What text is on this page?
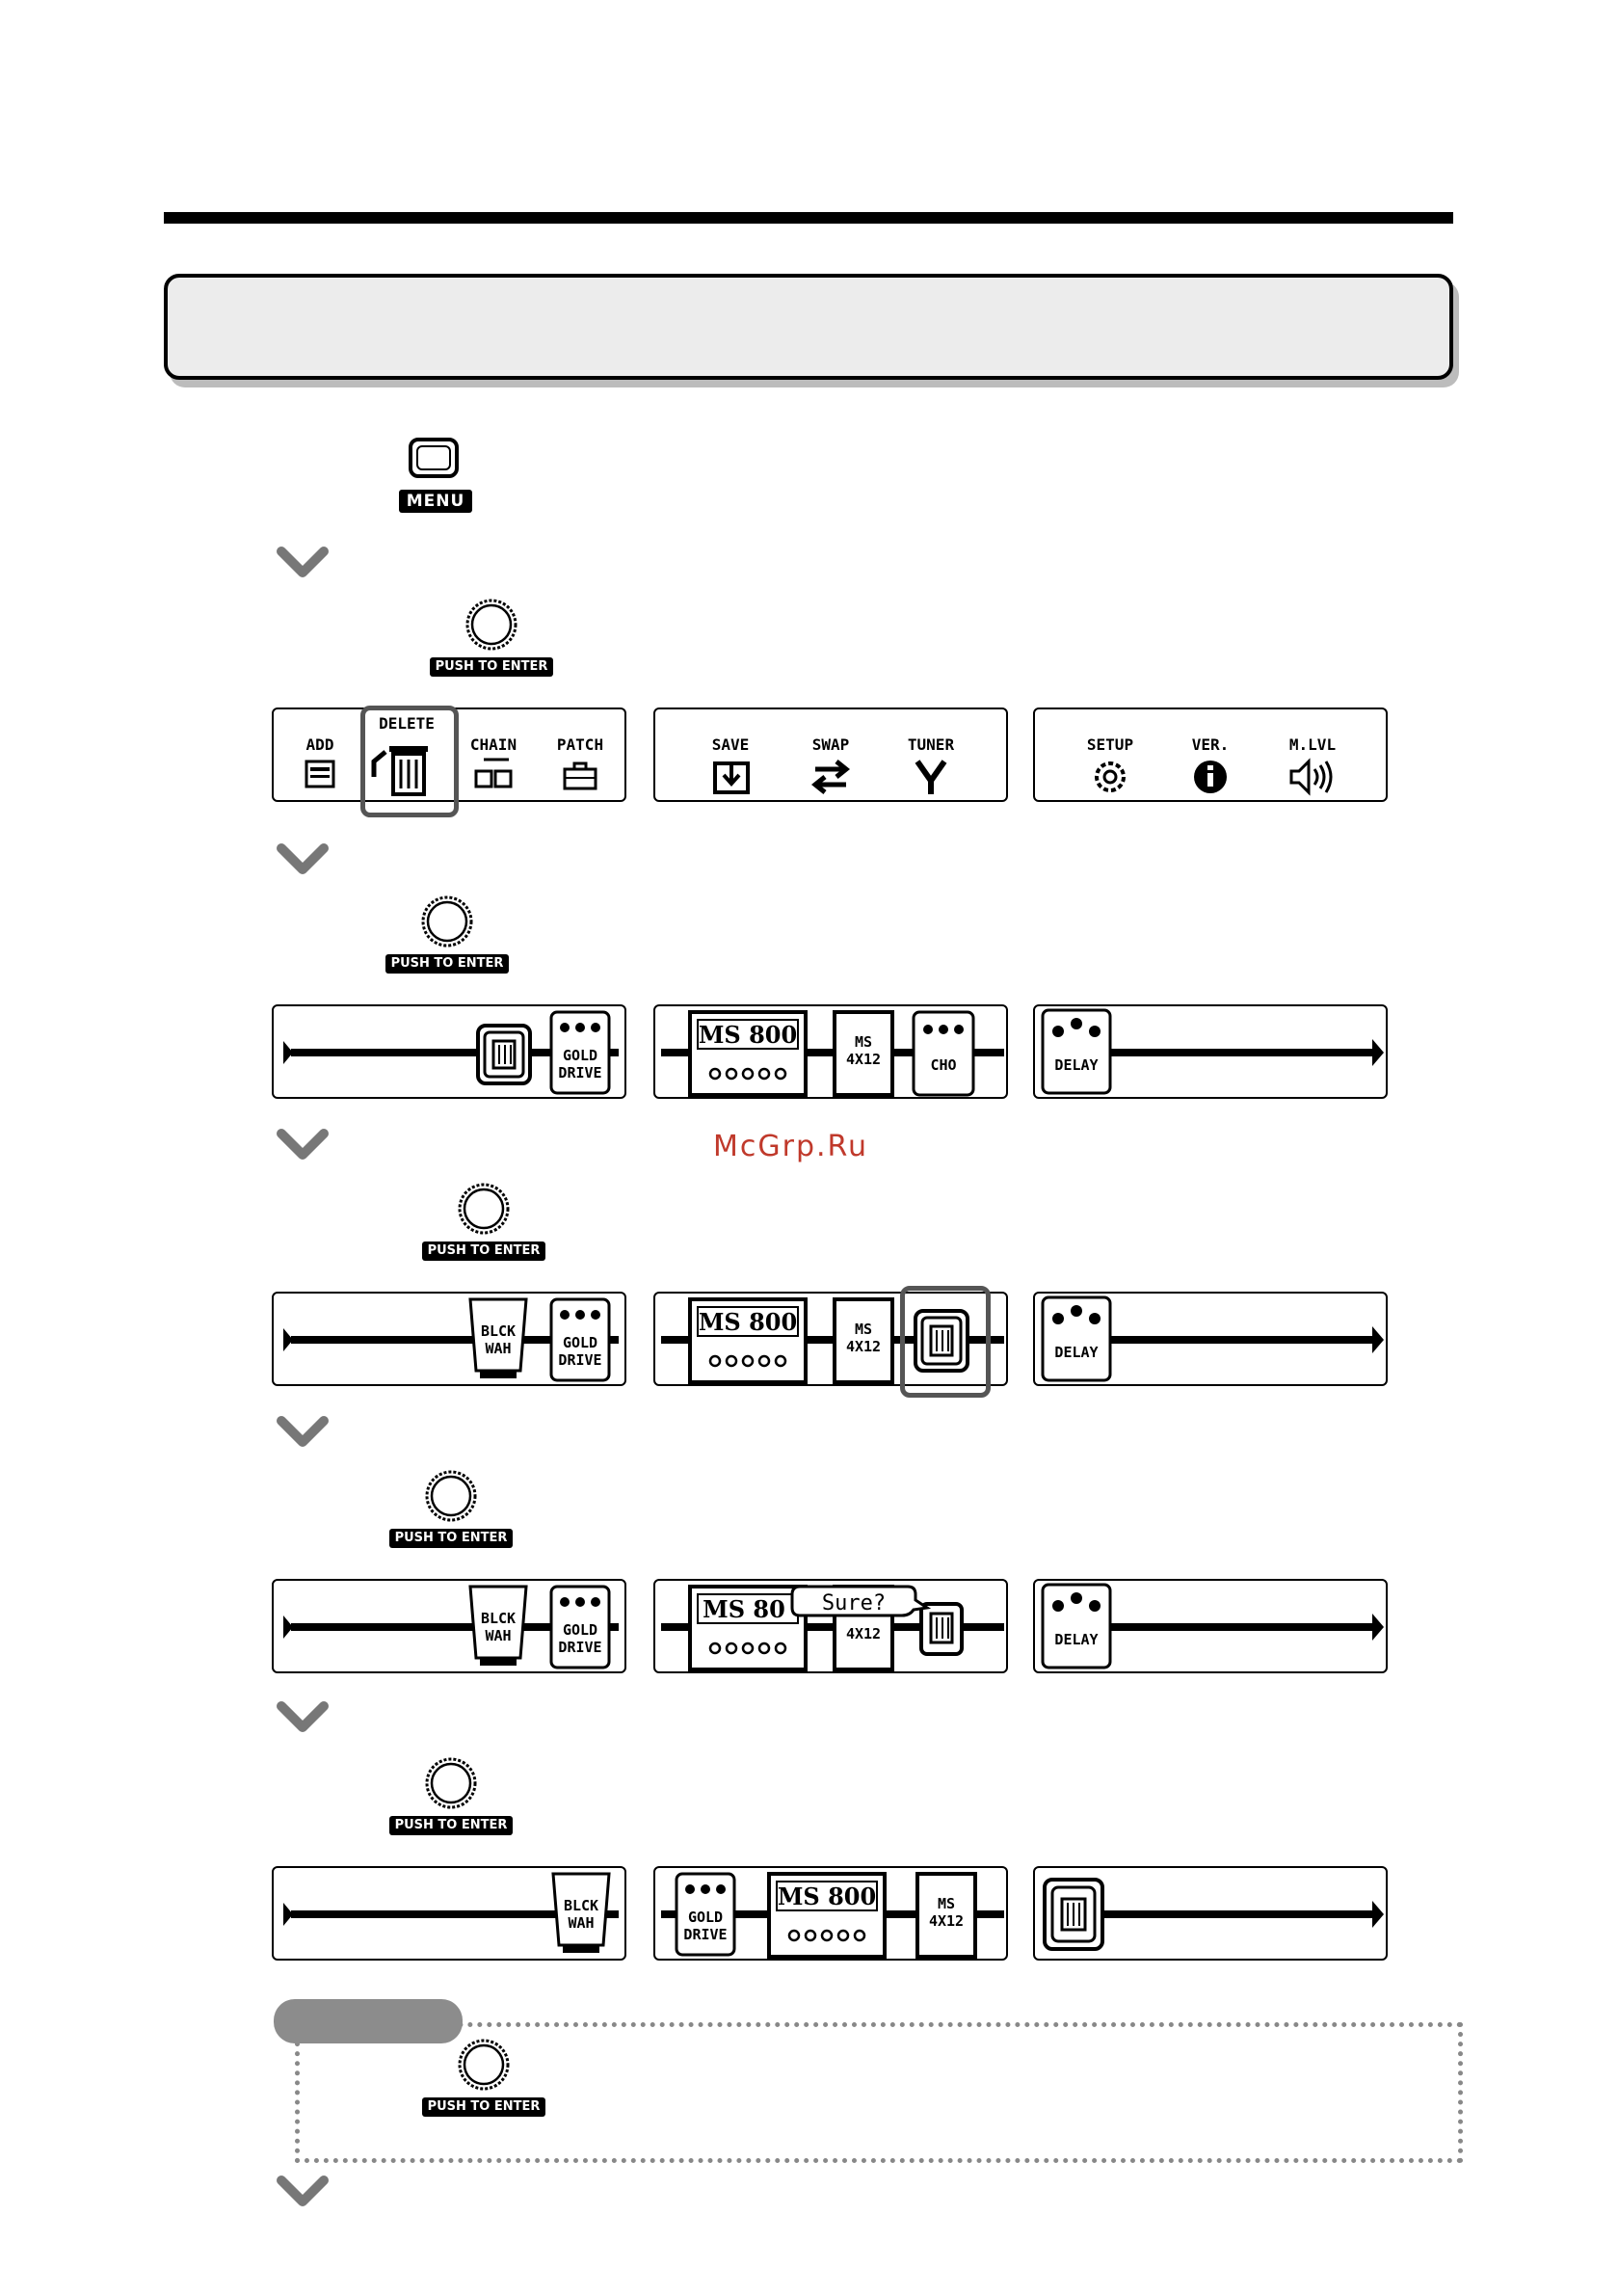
MENU
PUSH TO ENTER
PUSH TO ENTER
PUSH TO ENTER
PUSH TO ENTER
PUSH TO ENTER
PUSH TO ENTER
ADD
DELETE
CHAIN	PATCH	SAVE	SWAP	TUNER	SETUP	VER.	M.LVL
GOLD
DRIVE
MS 800	MS
4X12	CHO	DELAY
BLCK
WAH	GOLD
DRIVE
MS 800	MS
4X12	DELAY
BLCK
WAH	GOLD
DRIVE
MS 80
4X12
Sure?
DELAY
BLCK
WAH	GOLD
DRIVE
MS 800	MS
4X12
McGrp.Ru
